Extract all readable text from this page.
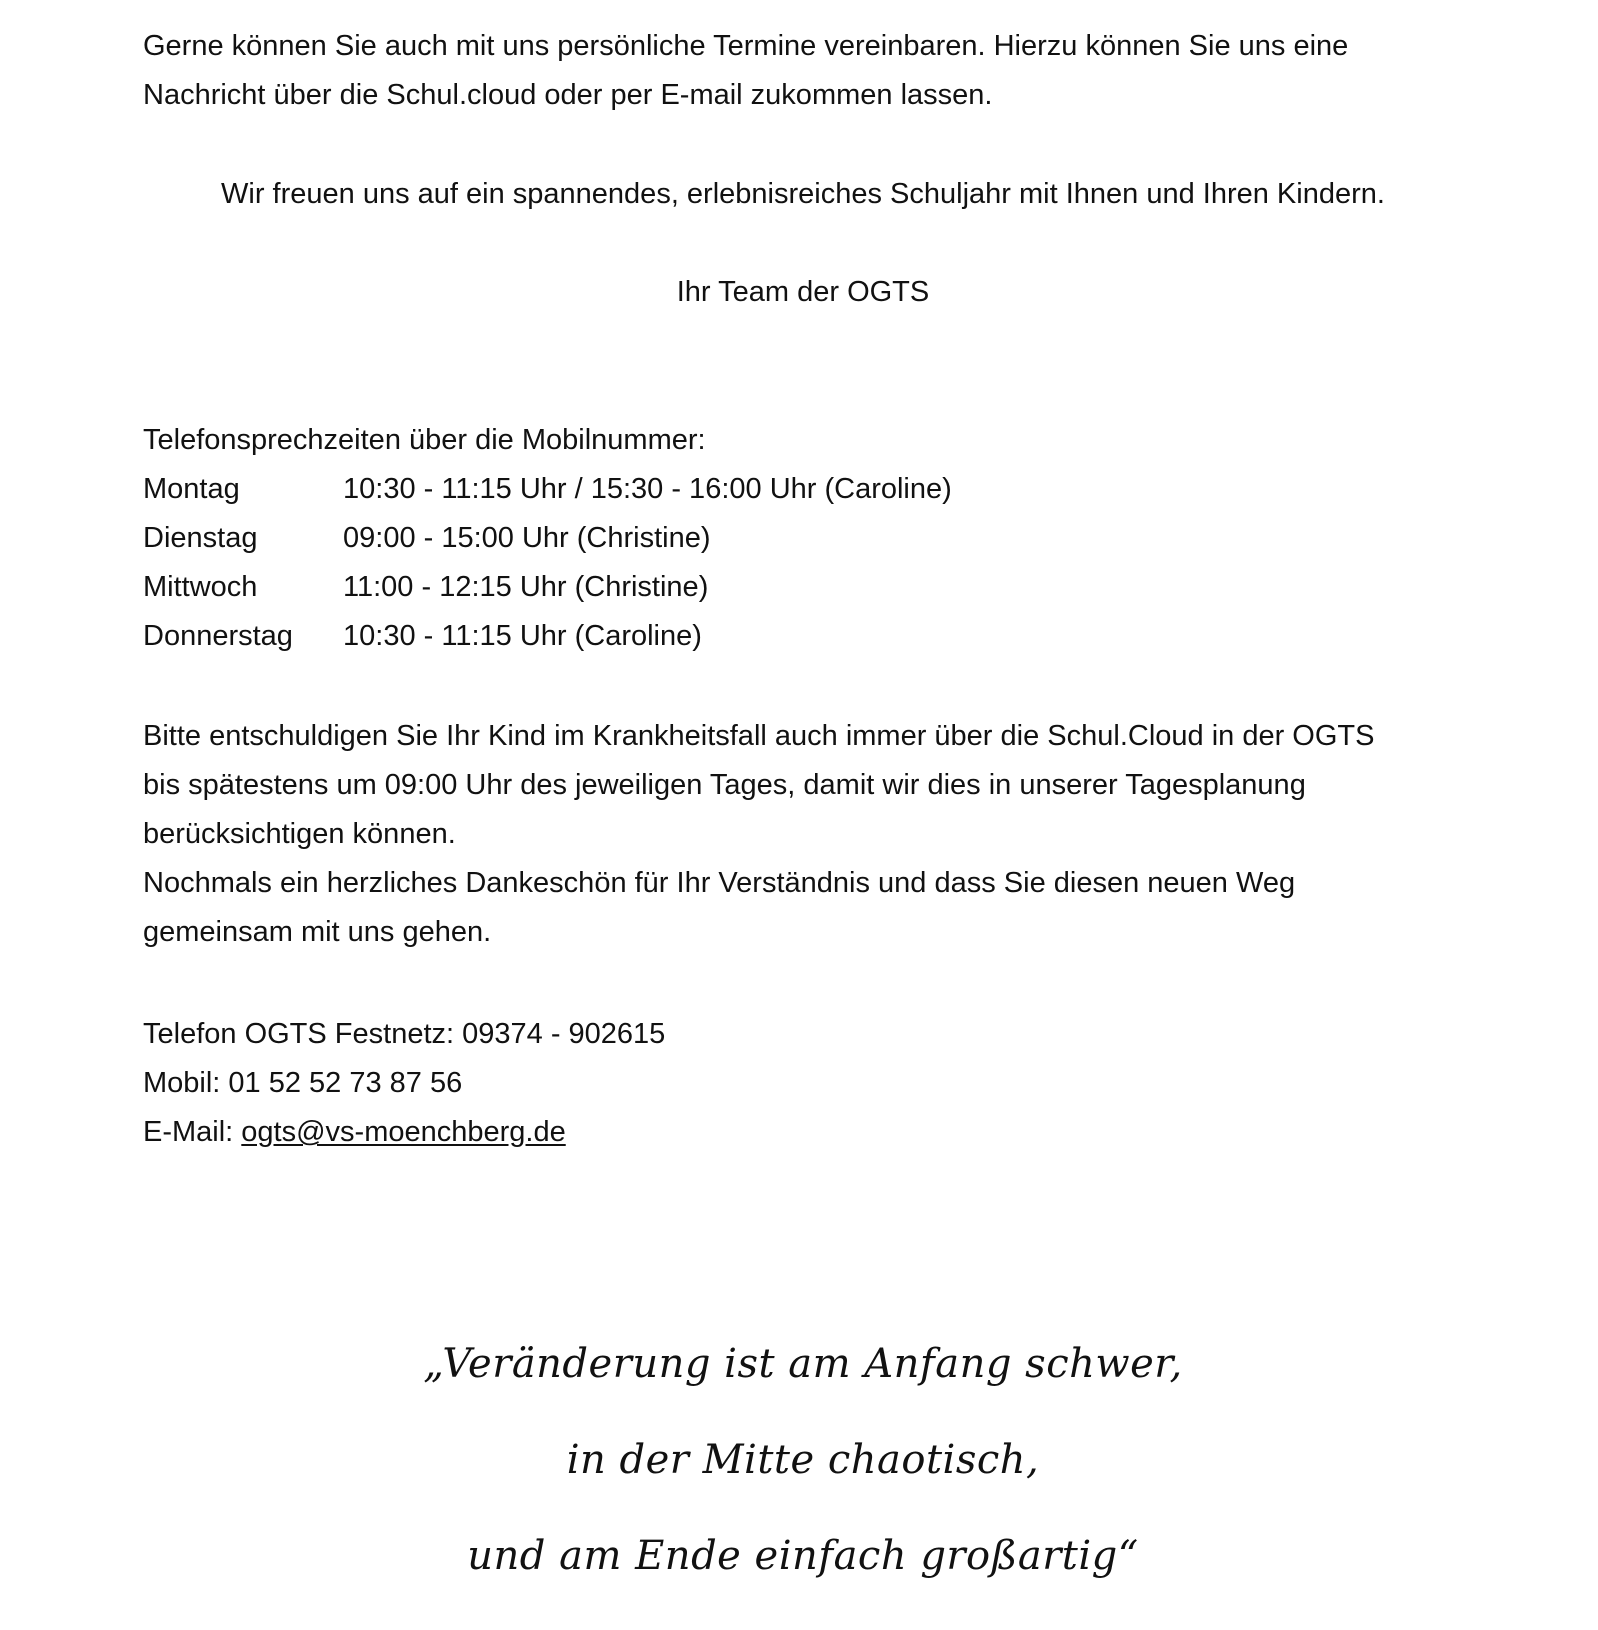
Gerne können Sie auch mit uns persönliche Termine vereinbaren. Hierzu können Sie uns eine
Nachricht über die Schul.cloud oder per E-mail zukommen lassen.
Wir freuen uns auf ein spannendes, erlebnisreiches Schuljahr mit Ihnen und Ihren Kindern.
Ihr Team der OGTS
Telefonsprechzeiten über die Mobilnummer:
Montag	10:30 - 11:15 Uhr / 15:30 - 16:00 Uhr (Caroline)
Dienstag	09:00 - 15:00 Uhr (Christine)
Mittwoch	11:00 - 12:15 Uhr (Christine)
Donnerstag	10:30 - 11:15 Uhr (Caroline)
Bitte entschuldigen Sie Ihr Kind im Krankheitsfall auch immer über die Schul.Cloud in der OGTS
bis spätestens um 09:00 Uhr des jeweiligen Tages, damit wir dies in unserer Tagesplanung
berücksichtigen können.
Nochmals ein herzliches Dankeschön für Ihr Verständnis und dass Sie diesen neuen Weg
gemeinsam mit uns gehen.
Telefon OGTS Festnetz: 09374 - 902615
Mobil: 01 52 52 73 87 56
E-Mail: ogts@vs-moenchberg.de
„Veränderung ist am Anfang schwer,
in der Mitte chaotisch,
und am Ende einfach großartig“
